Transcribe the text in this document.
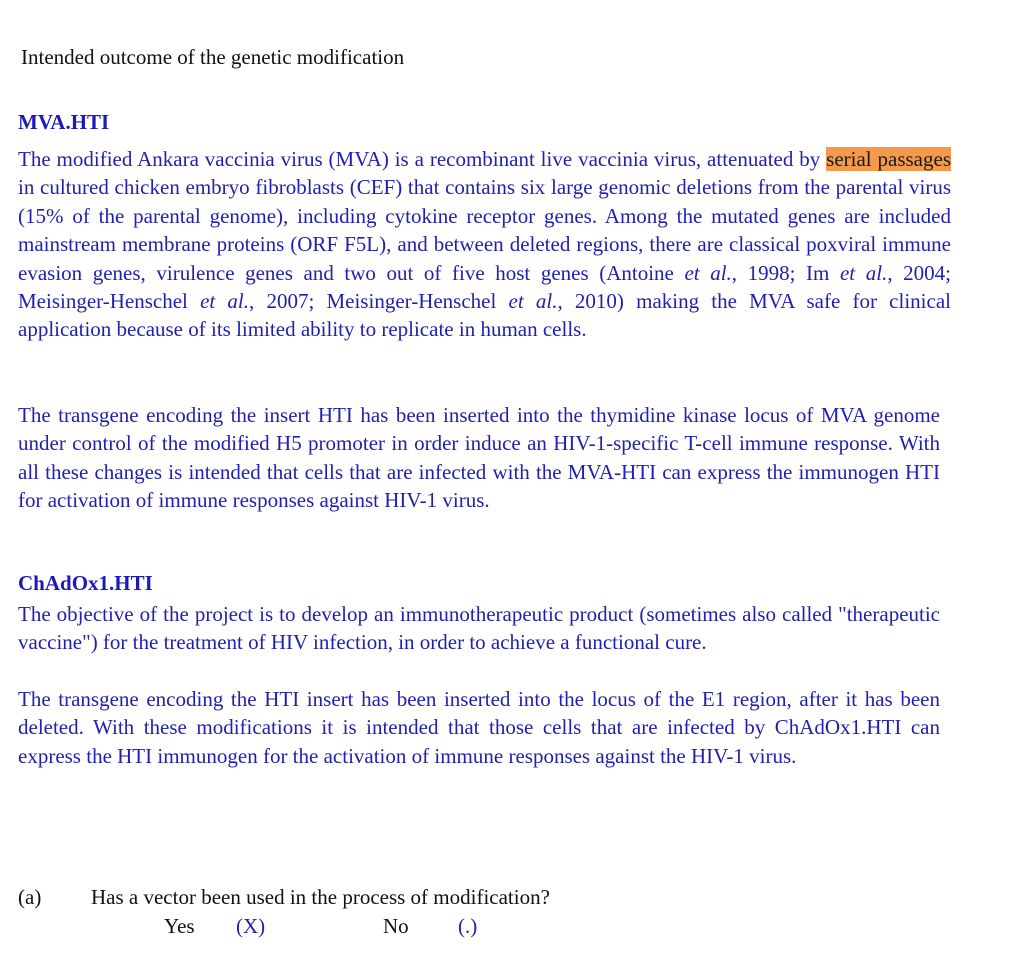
Intended outcome of the genetic modification
MVA.HTI
The modified Ankara vaccinia virus (MVA) is a recombinant live vaccinia virus, attenuated by serial passages in cultured chicken embryo fibroblasts (CEF) that contains six large genomic deletions from the parental virus (15% of the parental genome), including cytokine receptor genes. Among the mutated genes are included mainstream membrane proteins (ORF F5L), and between deleted regions, there are classical poxviral immune evasion genes, virulence genes and two out of five host genes (Antoine et al., 1998; Im et al., 2004; Meisinger-Henschel et al., 2007; Meisinger-Henschel et al., 2010) making the MVA safe for clinical application because of its limited ability to replicate in human cells.
The transgene encoding the insert HTI has been inserted into the thymidine kinase locus of MVA genome under control of the modified H5 promoter in order induce an HIV-1-specific T-cell immune response. With all these changes is intended that cells that are infected with the MVA-HTI can express the immunogen HTI for activation of immune responses against HIV-1 virus.
ChAdOx1.HTI
The objective of the project is to develop an immunotherapeutic product (sometimes also called "therapeutic vaccine") for the treatment of HIV infection, in order to achieve a functional cure.
The transgene encoding the HTI insert has been inserted into the locus of the E1 region, after it has been deleted. With these modifications it is intended that those cells that are infected by ChAdOx1.HTI can express the HTI immunogen for the activation of immune responses against the HIV-1 virus.
(a) Has a vector been used in the process of modification?
Yes (X)	No (.)
